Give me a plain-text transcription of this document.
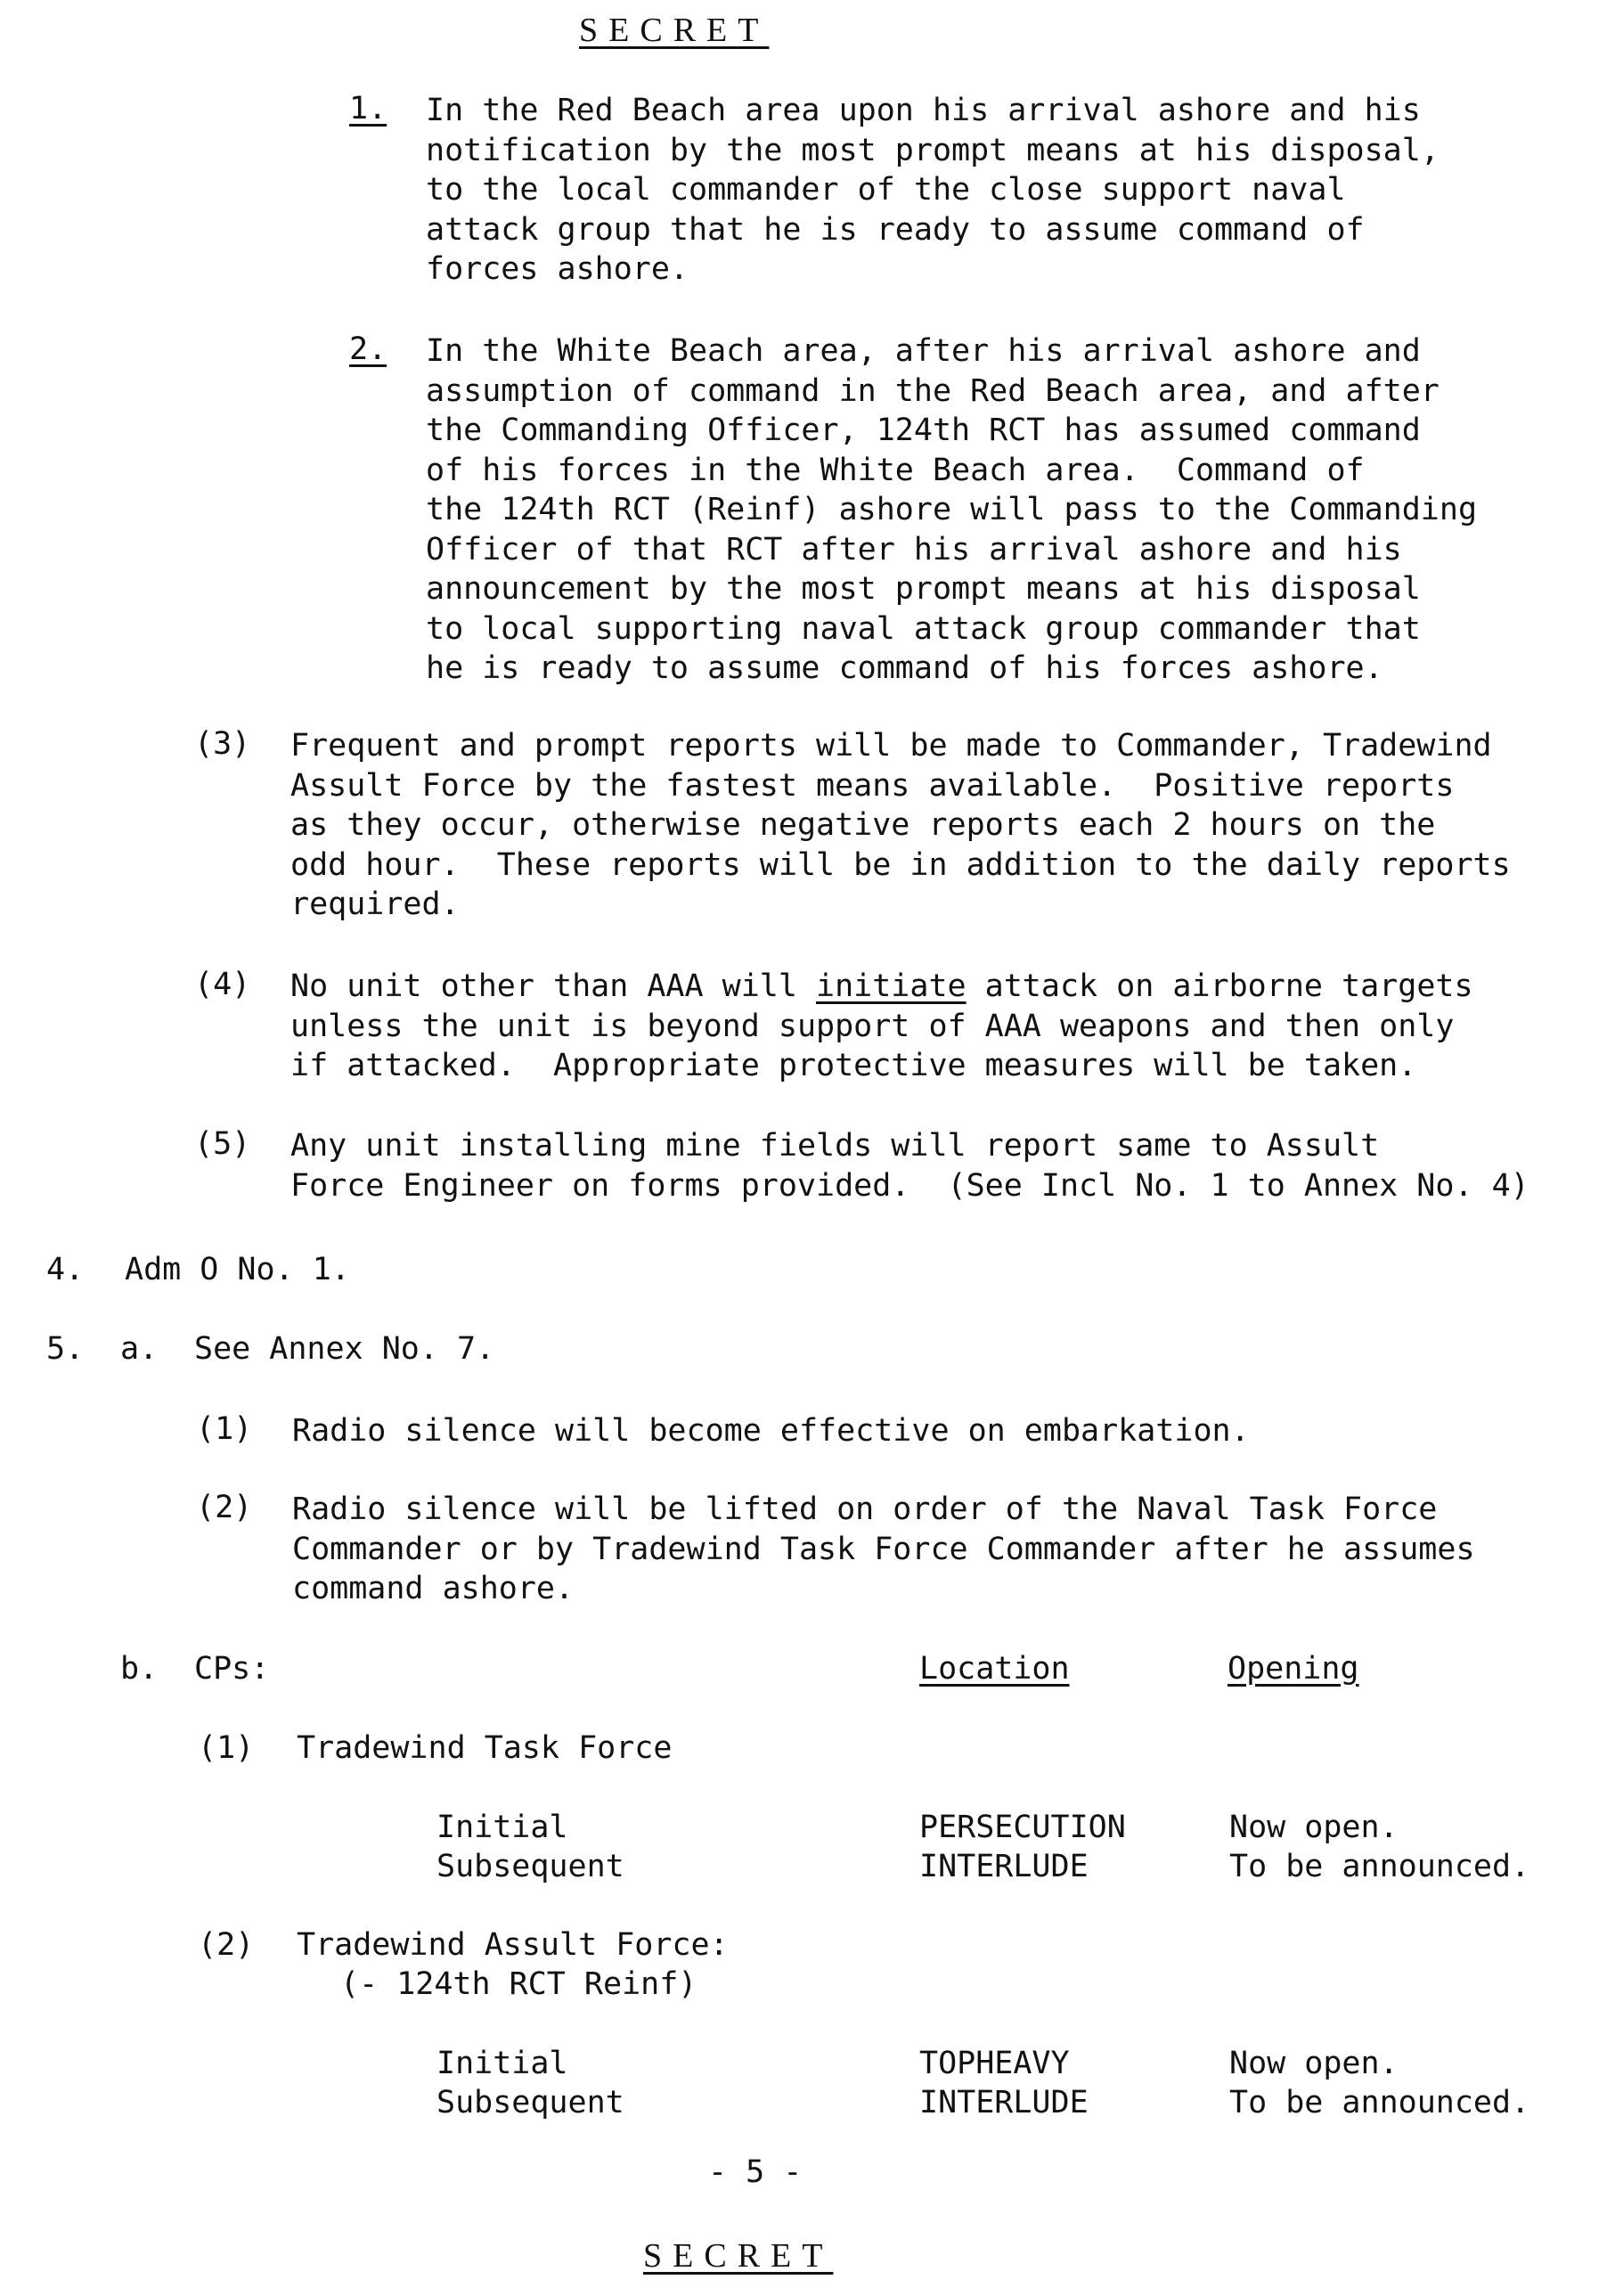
SECRET
1. In the Red Beach area upon his arrival ashore and his
notification by the most prompt means at his disposal,
to the local commander of the close support naval
attack group that he is ready to assume command of
forces ashore.
2. In the White Beach area, after his arrival ashore and
assumption of command in the Red Beach area, and after
the Commanding Officer, 124th RCT has assumed command
of his forces in the White Beach area.  Command of
the 124th RCT (Reinf) ashore will pass to the Commanding
Officer of that RCT after his arrival ashore and his
announcement by the most prompt means at his disposal
to local supporting naval attack group commander that
he is ready to assume command of his forces ashore.
(3) Frequent and prompt reports will be made to Commander, Tradewind
Assult Force by the fastest means available.  Positive reports
as they occur, otherwise negative reports each 2 hours on the
odd hour.  These reports will be in addition to the daily reports
required.
(4) No unit other than AAA will initiate attack on airborne targets
unless the unit is beyond support of AAA weapons and then only
if attacked.  Appropriate protective measures will be taken.
(5) Any unit installing mine fields will report same to Assult
Force Engineer on forms provided.  (See Incl No. 1 to Annex No. 4)
4. Adm O No. 1.
5. a. See Annex No. 7.
(1) Radio silence will become effective on embarkation.
(2) Radio silence will be lifted on order of the Naval Task Force
Commander or by Tradewind Task Force Commander after he assumes
command ashore.
b. CPs:	Location	Opening
(1) Tradewind Task Force
Initial	PERSECUTION	Now open.
Subsequent	INTERLUDE	To be announced.
(2) Tradewind Assult Force:
(- 124th RCT Reinf)
Initial	TOPHEAVY	Now open.
Subsequent	INTERLUDE	To be announced.
- 5 -
SECRET
